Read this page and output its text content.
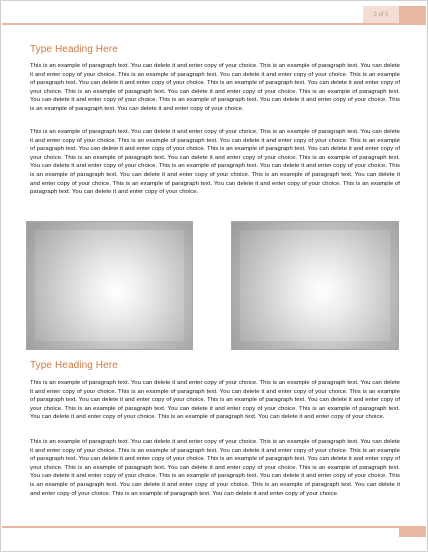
3 of 5
Type Heading Here
This is an example of paragraph text. You can delete it and enter copy of your choice. This is an example of paragraph text. You can delete it and enter copy of your choice. This is an example of paragraph text. You can delete it and enter copy of your choice. This is an example of paragraph text. You can delete it and enter copy of your choice. This is an example of paragraph text. You can delete it and enter copy of your choice. This is an example of paragraph text. You can delete it and enter copy of your choice. This is an example of paragraph text. You can delete it and enter copy of your choice. This is an example of paragraph text. You can delete it and enter copy of your choice. This is an example of paragraph text. You can delete it and enter copy of your choice.
This is an example of paragraph text. You can delete it and enter copy of your choice. This is an example of paragraph text. You can delete it and enter copy of your choice. This is an example of paragraph text. You can delete it and enter copy of your choice. This is an example of paragraph text. You can delete it and enter copy of your choice. This is an example of paragraph text. You can delete it and enter copy of your choice. This is an example of paragraph text. You can delete it and enter copy of your choice. This is an example of paragraph text. You can delete it and enter copy of your choice. This is an example of paragraph text. You can delete it and enter copy of your choice. This is an example of paragraph text. You can delete it and enter copy of your choice. This is an example of paragraph text. You can delete it and enter copy of your choice. This is an example of paragraph text. You can delete it and enter copy of your choice. This is an example of paragraph text. You can delete it and enter copy of your choice.
Type Heading Here
This is an example of paragraph text. You can delete it and enter copy of your choice. This is an example of paragraph text. You can delete it and enter copy of your choice. This is an example of paragraph text. You can delete it and enter copy of your choice. This is an example of paragraph text. You can delete it and enter copy of your choice. This is an example of paragraph text. You can delete it and enter copy of your choice. This is an example of paragraph text. You can delete it and enter copy of your choice. This is an example of paragraph text. You can delete it and enter copy of your choice. This is an example of paragraph text. You can delete it and enter copy of your choice.
This is an example of paragraph text. You can delete it and enter copy of your choice. This is an example of paragraph text. You can delete it and enter copy of your choice. This is an example of paragraph text. You can delete it and enter copy of your choice. This is an example of paragraph text. You can delete it and enter copy of your choice. This is an example of paragraph text. You can delete it and enter copy of your choice. This is an example of paragraph text. You can delete it and enter copy of your choice. This is an example of paragraph text. You can delete it and enter copy of your choice. This is an example of paragraph text. You can delete it and enter copy of your choice. This is an example of paragraph text. You can delete it and enter copy of your choice. This is an example of paragraph text. You can delete it and enter copy of your choice. This is an example of paragraph text. You can delete it and enter copy of your choice.
